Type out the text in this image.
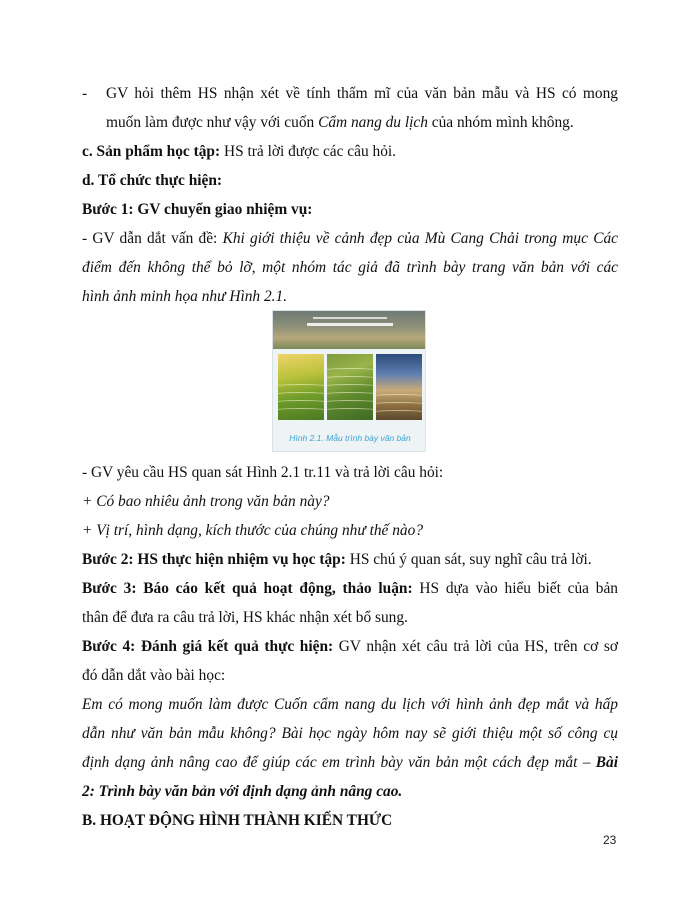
- GV hỏi thêm HS nhận xét về tính thẩm mĩ của văn bản mẫu và HS có mong
muốn làm được như vậy với cuốn Cẩm nang du lịch của nhóm mình không.
c. Sản phẩm học tập: HS trả lời được các câu hỏi.
d. Tổ chức thực hiện:
Bước 1: GV chuyển giao nhiệm vụ:
- GV dẫn dắt vấn đề: Khi giới thiệu về cảnh đẹp của Mù Cang Chải trong mục Các
điểm đến không thể bỏ lỡ, một nhóm tác giả đã trình bày trang văn bản với các
hình ảnh minh họa như Hình 2.1.
Hình 2.1. Mẫu trình bày văn bản
- GV yêu cầu HS quan sát Hình 2.1 tr.11 và trả lời câu hỏi:
+ Có bao nhiêu ảnh trong văn bản này?
+ Vị trí, hình dạng, kích thước của chúng như thế nào?
Bước 2: HS thực hiện nhiệm vụ học tập: HS chú ý quan sát, suy nghĩ câu trả lời.
Bước 3: Báo cáo kết quả hoạt động, thảo luận: HS dựa vào hiểu biết của bản
thân để đưa ra câu trả lời, HS khác nhận xét bổ sung.
Bước 4: Đánh giá kết quả thực hiện: GV nhận xét câu trả lời của HS, trên cơ sơ
đó dẫn dắt vào bài học:
Em có mong muốn làm được Cuốn cẩm nang du lịch với hình ảnh đẹp mắt và hấp
dẫn như văn bản mẫu không? Bài học ngày hôm nay sẽ giới thiệu một số công cụ
định dạng ảnh nâng cao để giúp các em trình bày văn bản một cách đẹp mắt – Bài
2: Trình bày văn bản với định dạng ảnh nâng cao.
B. HOẠT ĐỘNG HÌNH THÀNH KIẾN THỨC
23
